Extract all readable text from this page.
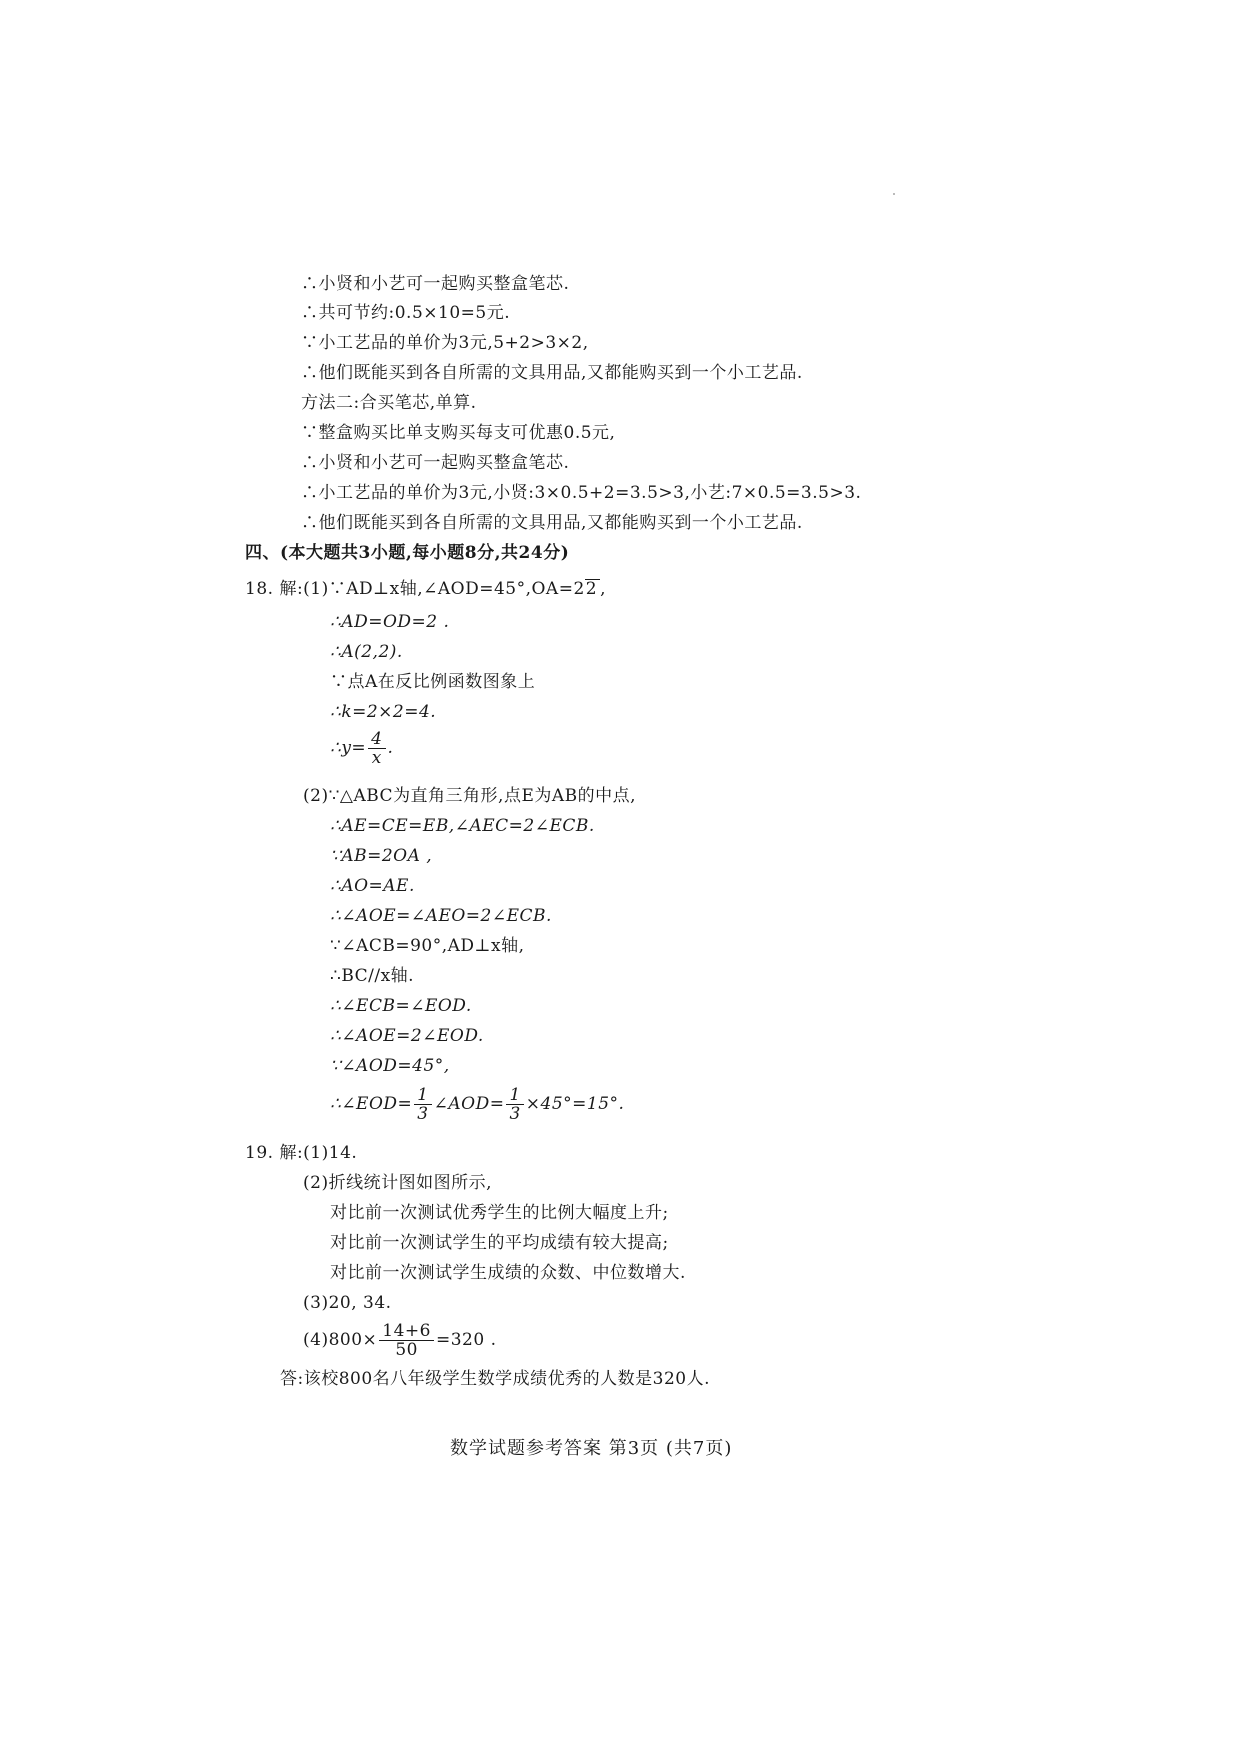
∴小贤和小艺可一起购买整盒笔芯.
∴共可节约:0.5×10=5元.
∵小工艺品的单价为3元,5+2>3×2,
∴他们既能买到各自所需的文具用品,又都能购买到一个小工艺品.
方法二:合买笔芯,单算.
∵整盒购买比单支购买每支可优惠0.5元,
∴小贤和小艺可一起购买整盒笔芯.
∴小工艺品的单价为3元,小贤:3×0.5+2=3.5>3,小艺:7×0.5=3.5>3.
∴他们既能买到各自所需的文具用品,又都能购买到一个小工艺品.
四、(本大题共3小题,每小题8分,共24分)
18. 解:(1)∵AD⊥x轴,∠AOD=45°,OA=22 ,
∴AD=OD=2 .
∴A(2,2).
∵点A在反比例函数图象上
∴k=2×2=4.
∴y= $\frac{4}{x}$ .
(2)∵△ABC为直角三角形,点E为AB的中点,
∴AE=CE=EB,∠AEC=2∠ECB.
∵AB=2OA ,
∴AO=AE.
∴∠AOE=∠AEO=2∠ECB.
∵∠ACB=90°,AD⊥x轴,
∴BC//x轴.
∴∠ECB=∠EOD.
∴∠AOE=2∠EOD.
∵∠AOD=45°,
∴∠EOD= $\frac{1}{3}$ ∠AOD= $\frac{1}{3} \times 45^\circ=15^\circ$.
19. 解:(1)14.
(2)折线统计图如图所示,
对比前一次测试优秀学生的比例大幅度上升;
对比前一次测试学生的平均成绩有较大提高;
对比前一次测试学生成绩的众数、中位数增大.
(3)20, 34.
$(4)800\times \frac{14+6}{50} =320$ .
答:该校800名八年级学生数学成绩优秀的人数是320人.
数学试题参考答案 第3页 (共7页)
